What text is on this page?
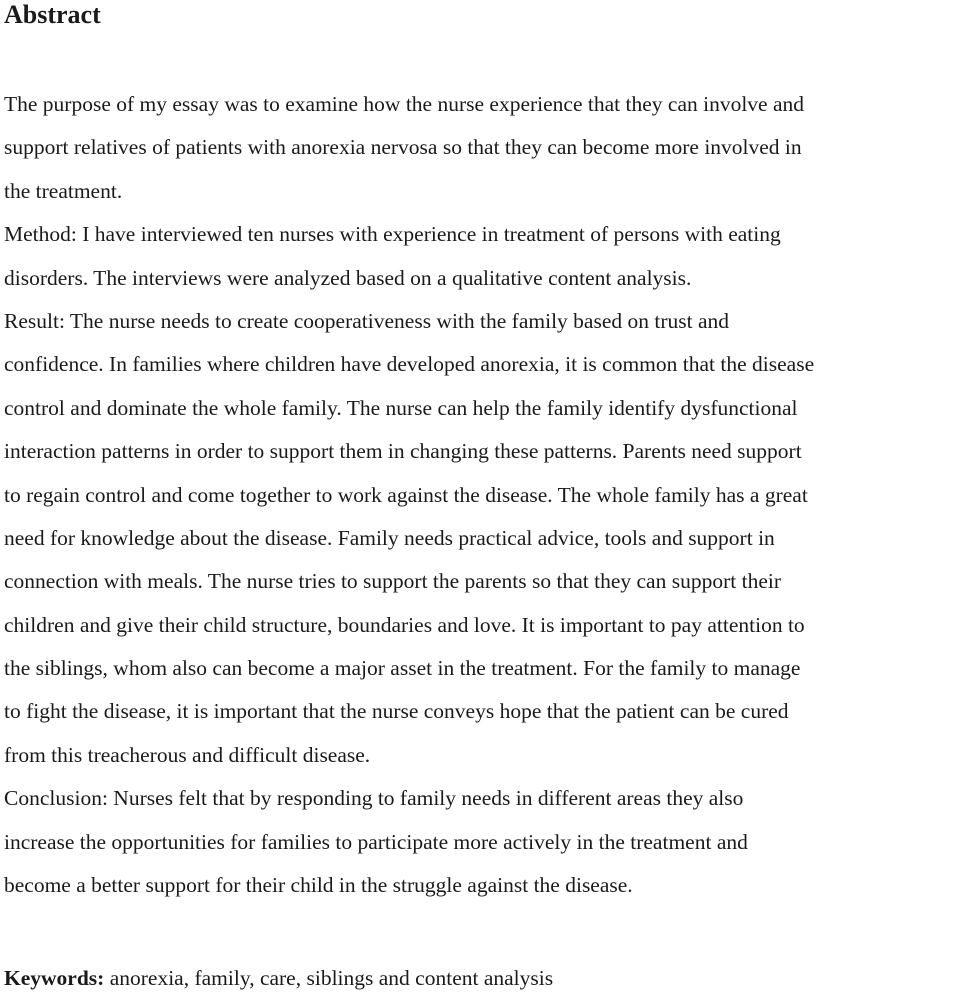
Abstract
The purpose of my essay was to examine how the nurse experience that they can involve and
support relatives of patients with anorexia nervosa so that they can become more involved in
the treatment.
Method: I have interviewed ten nurses with experience in treatment of persons with eating
disorders. The interviews were analyzed based on a qualitative content analysis.
Result: The nurse needs to create cooperativeness with the family based on trust and
confidence. In families where children have developed anorexia, it is common that the disease
control and dominate the whole family. The nurse can help the family identify dysfunctional
interaction patterns in order to support them in changing these patterns. Parents need support
to regain control and come together to work against the disease. The whole family has a great
need for knowledge about the disease. Family needs practical advice, tools and support in
connection with meals. The nurse tries to support the parents so that they can support their
children and give their child structure, boundaries and love. It is important to pay attention to
the siblings, whom also can become a major asset in the treatment. For the family to manage
to fight the disease, it is important that the nurse conveys hope that the patient can be cured
from this treacherous and difficult disease.
Conclusion: Nurses felt that by responding to family needs in different areas they also
increase the opportunities for families to participate more actively in the treatment and
become a better support for their child in the struggle against the disease.
Keywords: anorexia, family, care, siblings and content analysis
